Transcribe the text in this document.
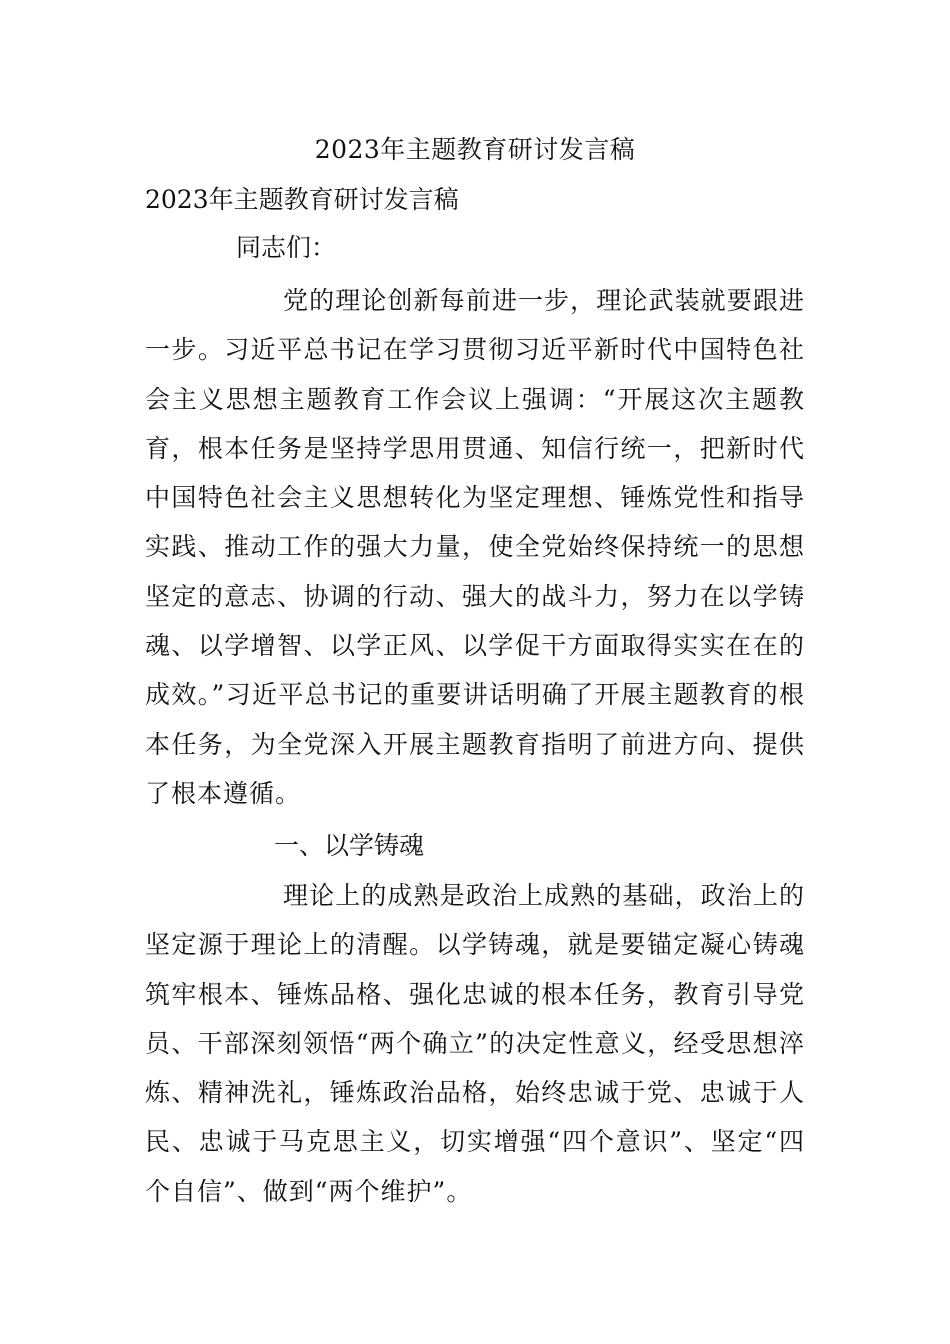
2023年主题教育研讨发言稿
2023年主题教育研讨发言稿
同志们：

党的理论创新每前进一步，理论武装就要跟进一步。习近平总书记在学习贯彻习近平新时代中国特色社会主义思想主题教育工作会议上强调：“开展这次主题教育，根本任务是坚持学思用贯通、知信行统一，把新时代中国特色社会主义思想转化为坚定理想、锤炼党性和指导实践、推动工作的强大力量，使全党始终保持统一的思想坚定的意志、协调的行动、强大的战斗力，努力在以学铸魂、以学增智、以学正风、以学促干方面取得实实在在的成效。”习近平总书记的重要讲话明确了开展主题教育的根本任务，为全党深入开展主题教育指明了前进方向、提供了根本遵循。

一、以学铸魂

理论上的成熟是政治上成熟的基础，政治上的坚定源于理论上的清醒。以学铸魂，就是要锚定凝心铸魂筑牢根本、锤炼品格、强化忠诚的根本任务，教育引导党员、干部深刻领悟“两个确立”的决定性意义，经受思想淬炼、精神洗礼，锤炼政治品格，始终忠诚于党、忠诚于人民、忠诚于马克思主义，切实增强“四个意识”、坚定“四个自信”、做到“两个维护”。
